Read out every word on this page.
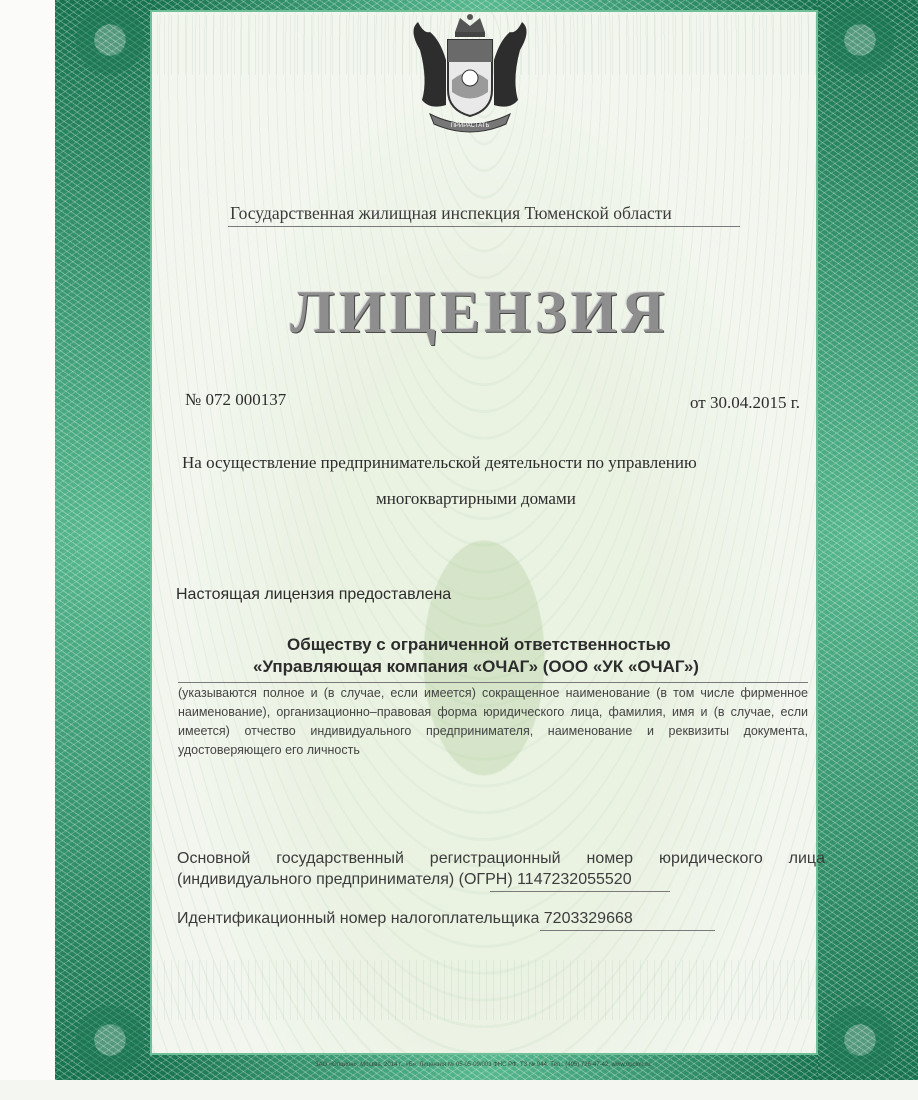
ПРИРАСТАТЬ
Государственная жилищная инспекция Тюменской области
ЛИЦЕНЗИЯ
№ 072 000137	от 30.04.2015 г.
На осуществление предпринимательской деятельности по управлению
многоквартирными домами
Настоящая лицензия предоставлена
Обществу с ограниченной ответственностью
«Управляющая компания «ОЧАГ» (ООО «УК «ОЧАГ»)
(указываются полное и (в случае, если имеется) сокращенное наименование (в том числе фирменное наименование), организационно–правовая форма юридического лица, фамилия, имя и (в случае, если имеется) отчество индивидуального предпринимателя, наименование и реквизиты документа, удостоверяющего его личность
Основной государственный регистрационный номер юридического лица (индивидуального предпринимателя) (ОГРН) 1147232055520
Идентификационный номер налогоплательщика 7203329668
ЗАО «Опцион», Москва, 2014 г., «Б». Лицензия № 05-05-09/003 ФНС РФ. ТЗ № 944. Тел.: (495) 726-47-42, www.opcion.ru
